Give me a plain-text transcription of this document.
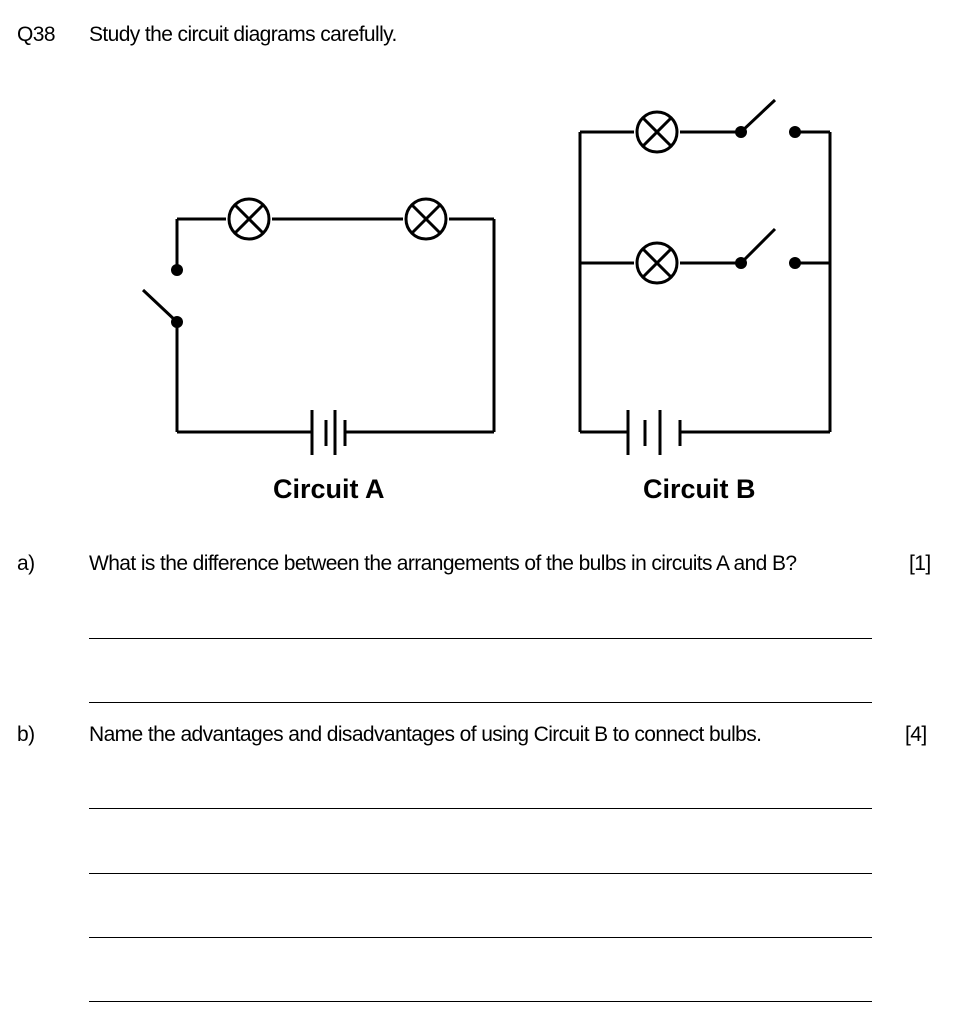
Q38 Study the circuit diagrams carefully.
Circuit A	Circuit B
a)	What is the difference between the arrangements of the bulbs in circuits A and B?	[1]
b)	Name the advantages and disadvantages of using Circuit B to connect bulbs.	[4]
